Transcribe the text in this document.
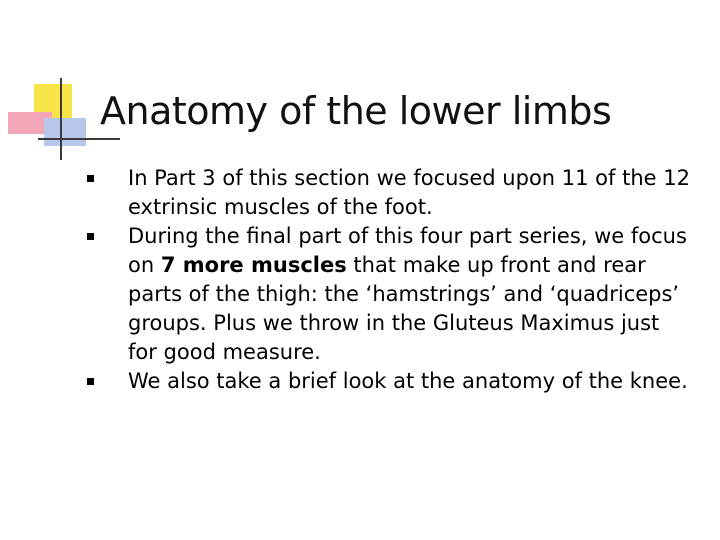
Anatomy of the lower limbs
In Part 3 of this section we focused upon 11 of the 12 extrinsic muscles of the foot.
During the final part of this four part series, we focus on 7 more muscles that make up front and rear parts of the thigh: the ‘hamstrings’ and ‘quadriceps’ groups. Plus we throw in the Gluteus Maximus just for good measure.
We also take a brief look at the anatomy of the knee.
